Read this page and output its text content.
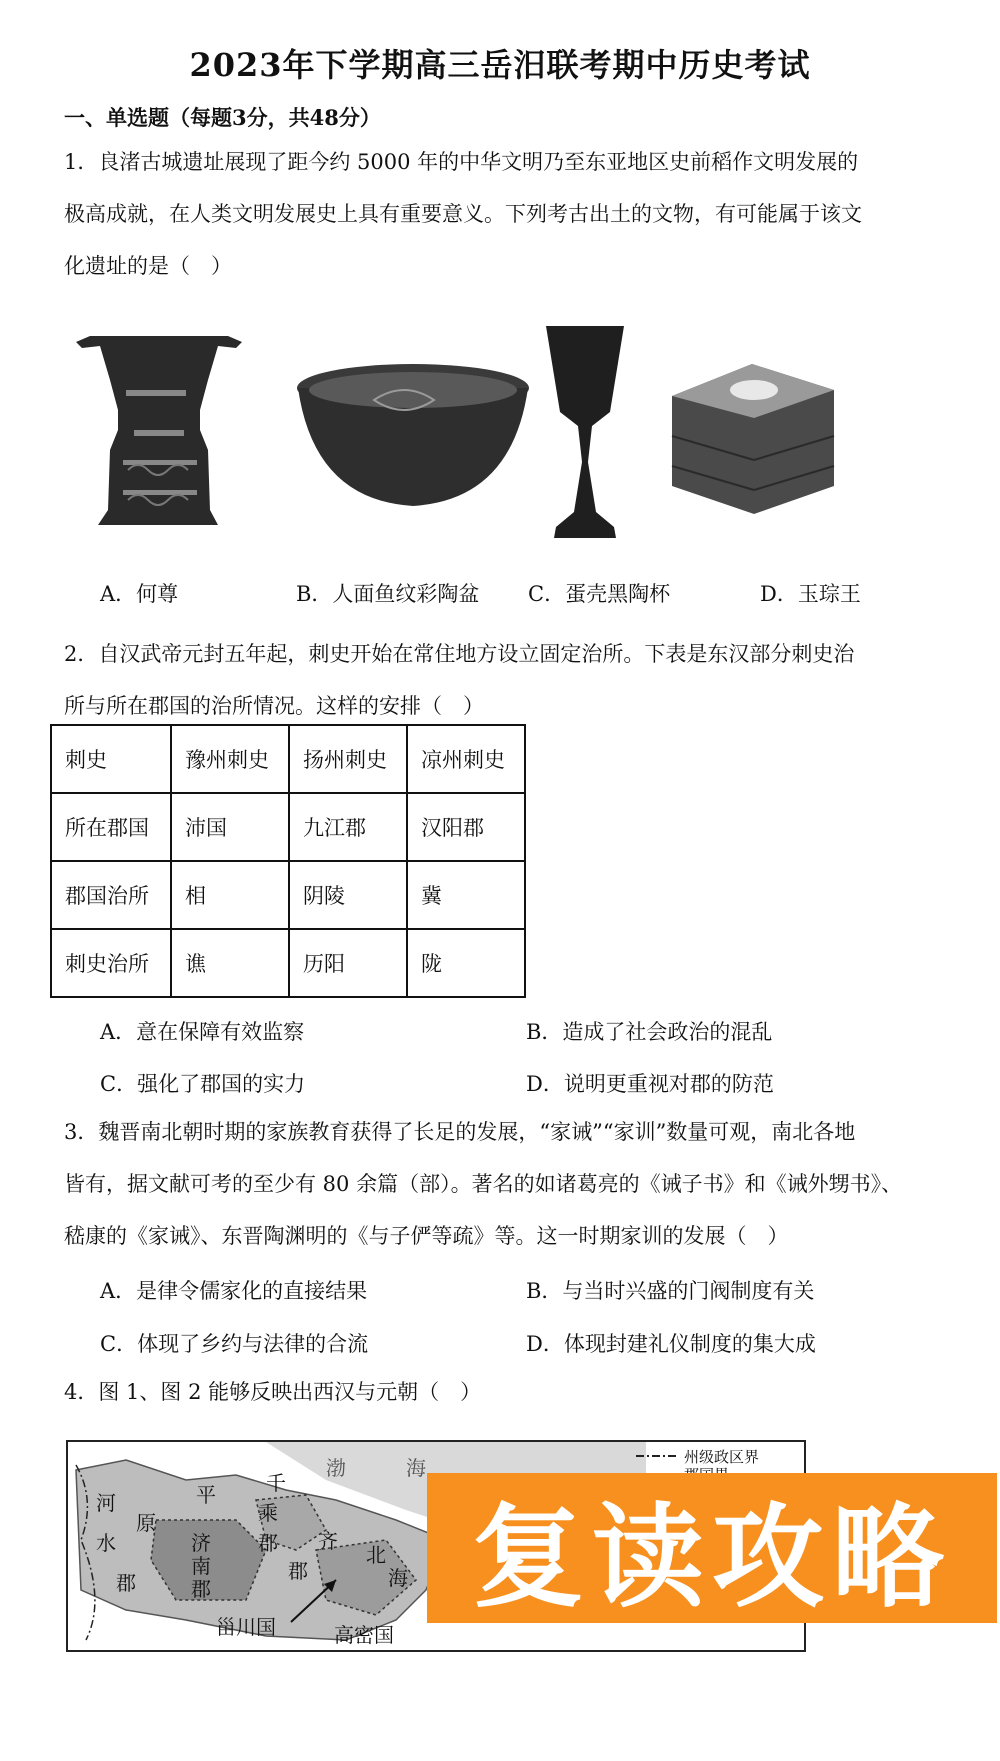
2023年下学期高三岳汨联考期中历史考试
一、单选题（每题3分，共48分）
1．良渚古城遗址展现了距今约 5000 年的中华文明乃至东亚地区史前稻作文明发展的
极高成就，在人类文明发展史上具有重要意义。下列考古出土的文物，有可能属于该文
化遗址的是（　）
A．何尊	B．人面鱼纹彩陶盆 C．蛋壳黑陶杯	D．玉琮王
2．自汉武帝元封五年起，刺史开始在常住地方设立固定治所。下表是东汉部分刺史治
所与所在郡国的治所情况。这样的安排（　）
刺史	豫州刺史	扬州刺史	凉州刺史
所在郡国	沛国	九江郡	汉阳郡
郡国治所	相	阴陵	冀
刺史治所	谯	历阳	陇
A．意在保障有效监察	B．造成了社会政治的混乱
C．强化了郡国的实力	D．说明更重视对郡的防范
3．魏晋南北朝时期的家族教育获得了长足的发展，“家诫”“家训”数量可观，南北各地
皆有，据文献可考的至少有 80 余篇（部）。著名的如诸葛亮的《诫子书》和《诫外甥书》、
嵇康的《家诫》、东晋陶渊明的《与子俨等疏》等。这一时期家训的发展（　）
A．是律令儒家化的直接结果	B．与当时兴盛的门阀制度有关
C．体现了乡约与法律的合流	D．体现封建礼仪制度的集大成
4．图 1、图 2 能够反映出西汉与元朝（　）
州级政区界
河
水
郡
原
平	千
乘
郡
济
南
郡
齐
郡
北
海
渤	海
甾川国	高密国
复读攻略
